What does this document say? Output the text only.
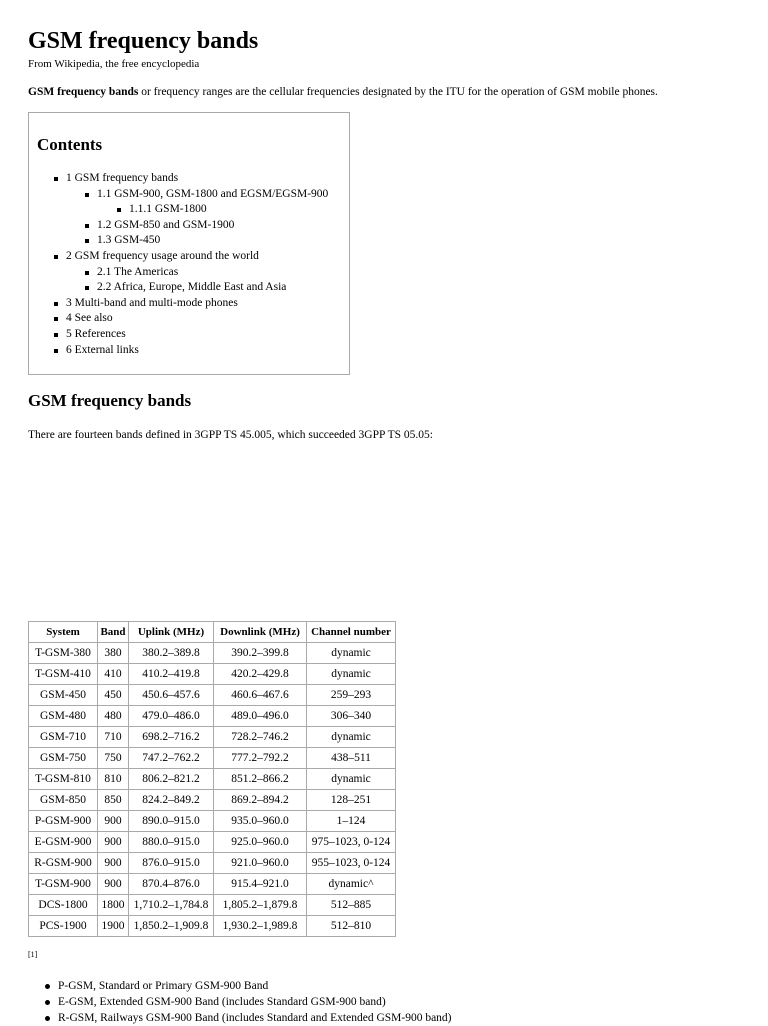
GSM frequency bands
From Wikipedia, the free encyclopedia
GSM frequency bands or frequency ranges are the cellular frequencies designated by the ITU for the operation of GSM mobile phones.
Contents
1 GSM frequency bands
1.1 GSM-900, GSM-1800 and EGSM/EGSM-900
1.1.1 GSM-1800
1.2 GSM-850 and GSM-1900
1.3 GSM-450
2 GSM frequency usage around the world
2.1 The Americas
2.2 Africa, Europe, Middle East and Asia
3 Multi-band and multi-mode phones
4 See also
5 References
6 External links
GSM frequency bands
There are fourteen bands defined in 3GPP TS 45.005, which succeeded 3GPP TS 05.05:
System	Band	Uplink (MHz)	Downlink (MHz)	Channel number
T-GSM-380	380	380.2–389.8	390.2–399.8	dynamic
T-GSM-410	410	410.2–419.8	420.2–429.8	dynamic
GSM-450	450	450.6–457.6	460.6–467.6	259–293
GSM-480	480	479.0–486.0	489.0–496.0	306–340
GSM-710	710	698.2–716.2	728.2–746.2	dynamic
GSM-750	750	747.2–762.2	777.2–792.2	438–511
T-GSM-810	810	806.2–821.2	851.2–866.2	dynamic
GSM-850	850	824.2–849.2	869.2–894.2	128–251
P-GSM-900	900	890.0–915.0	935.0–960.0	1–124
E-GSM-900	900	880.0–915.0	925.0–960.0	975–1023, 0-124
R-GSM-900	900	876.0–915.0	921.0–960.0	955–1023, 0-124
T-GSM-900	900	870.4–876.0	915.4–921.0	dynamic^
DCS-1800	1800	1,710.2–1,784.8	1,805.2–1,879.8	512–885
PCS-1900	1900	1,850.2–1,909.8	1,930.2–1,989.8	512–810
[1]
P-GSM, Standard or Primary GSM-900 Band
E-GSM, Extended GSM-900 Band (includes Standard GSM-900 band)
R-GSM, Railways GSM-900 Band (includes Standard and Extended GSM-900 band)
